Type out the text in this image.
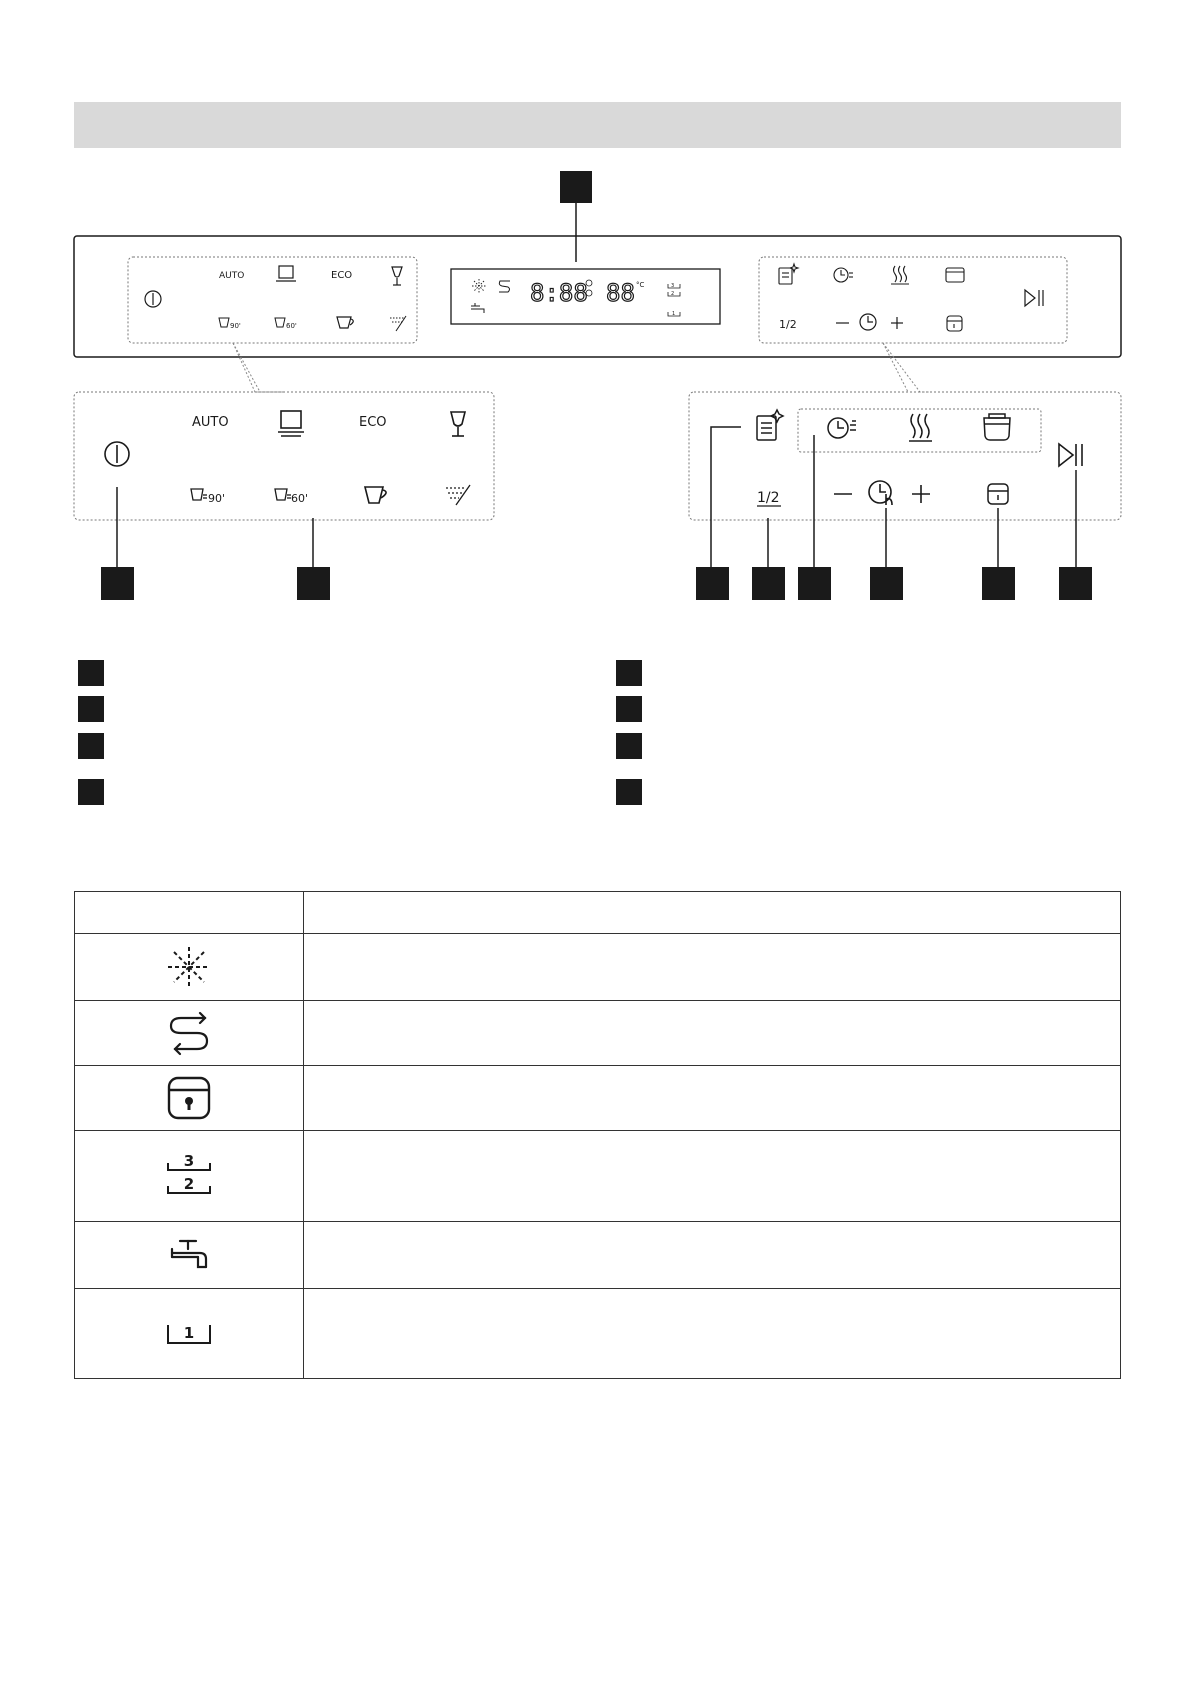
AUTO	ECO
90'	60'
8:88 88 °C	3
2
1
1/2
AUTO	ECO
90'	60'	1/2

3
2	

1	
